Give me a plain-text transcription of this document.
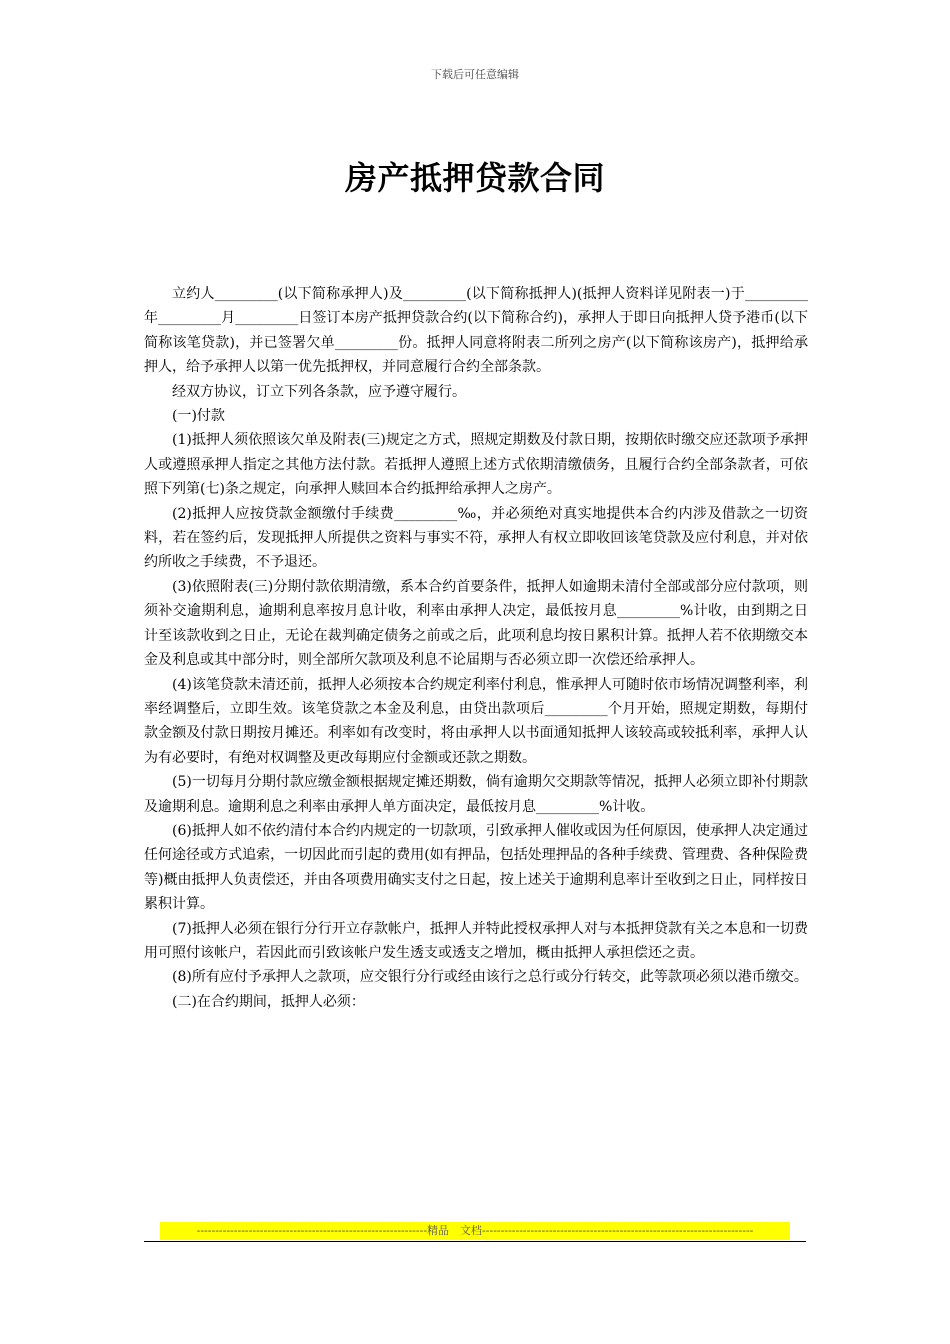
下载后可任意编辑
房产抵押贷款合同

立约人_________(以下简称承押人)及_________(以下简称抵押人)(抵押人资料详见附表一)于_________年_________月_________日签订本房产抵押贷款合约(以下简称合约)，承押人于即日向抵押人贷予港币(以下简称该笔贷款)，并已签署欠单_________份。抵押人同意将附表二所列之房产(以下简称该房产)，抵押给承押人，给予承押人以第一优先抵押权，并同意履行合约全部条款。

经双方协议，订立下列各条款，应予遵守履行。

(一)付款

(1)抵押人须依照该欠单及附表(三)规定之方式，照规定期数及付款日期，按期依时缴交应还款项予承押人或遵照承押人指定之其他方法付款。若抵押人遵照上述方式依期清缴债务，且履行合约全部条款者，可依照下列第(七)条之规定，向承押人赎回本合约抵押给承押人之房产。

(2)抵押人应按贷款金额缴付手续费_________‰，并必须绝对真实地提供本合约内涉及借款之一切资料，若在签约后，发现抵押人所提供之资料与事实不符，承押人有权立即收回该笔贷款及应付利息，并对依约所收之手续费，不予退还。

(3)依照附表(三)分期付款依期清缴，系本合约首要条件，抵押人如逾期未清付全部或部分应付款项，则须补交逾期利息，逾期利息率按月息计收，利率由承押人决定，最低按月息_________%计收，由到期之日计至该款收到之日止，无论在裁判确定债务之前或之后，此项利息均按日累积计算。抵押人若不依期缴交本金及利息或其中部分时，则全部所欠款项及利息不论届期与否必须立即一次偿还给承押人。

(4)该笔贷款未清还前，抵押人必须按本合约规定利率付利息，惟承押人可随时依市场情况调整利率，利率经调整后，立即生效。该笔贷款之本金及利息，由贷出款项后_________个月开始，照规定期数，每期付款金额及付款日期按月摊还。利率如有改变时，将由承押人以书面通知抵押人该较高或较抵利率，承押人认为有必要时，有绝对权调整及更改每期应付金额或还款之期数。

(5)一切每月分期付款应缴金额根据规定摊还期数，倘有逾期欠交期款等情况，抵押人必须立即补付期款及逾期利息。逾期利息之利率由承押人单方面决定，最低按月息_________%计收。

(6)抵押人如不依约清付本合约内规定的一切款项，引致承押人催收或因为任何原因，使承押人决定通过任何途径或方式追索，一切因此而引起的费用(如有押品，包括处理押品的各种手续费、管理费、各种保险费等)概由抵押人负责偿还，并由各项费用确实支付之日起，按上述关于逾期利息率计至收到之日止，同样按日累积计算。

(7)抵押人必须在银行分行开立存款帐户，抵押人并特此授权承押人对与本抵押贷款有关之本息和一切费用可照付该帐户，若因此而引致该帐户发生透支或透支之增加，概由抵押人承担偿还之责。

(8)所有应付予承押人之款项，应交银行分行或经由该行之总行或分行转交，此等款项必须以港币缴交。

(二)在合约期间，抵押人必须：

--------------------------------------------------------------精品　文档-------------------------------------------------------------------------
